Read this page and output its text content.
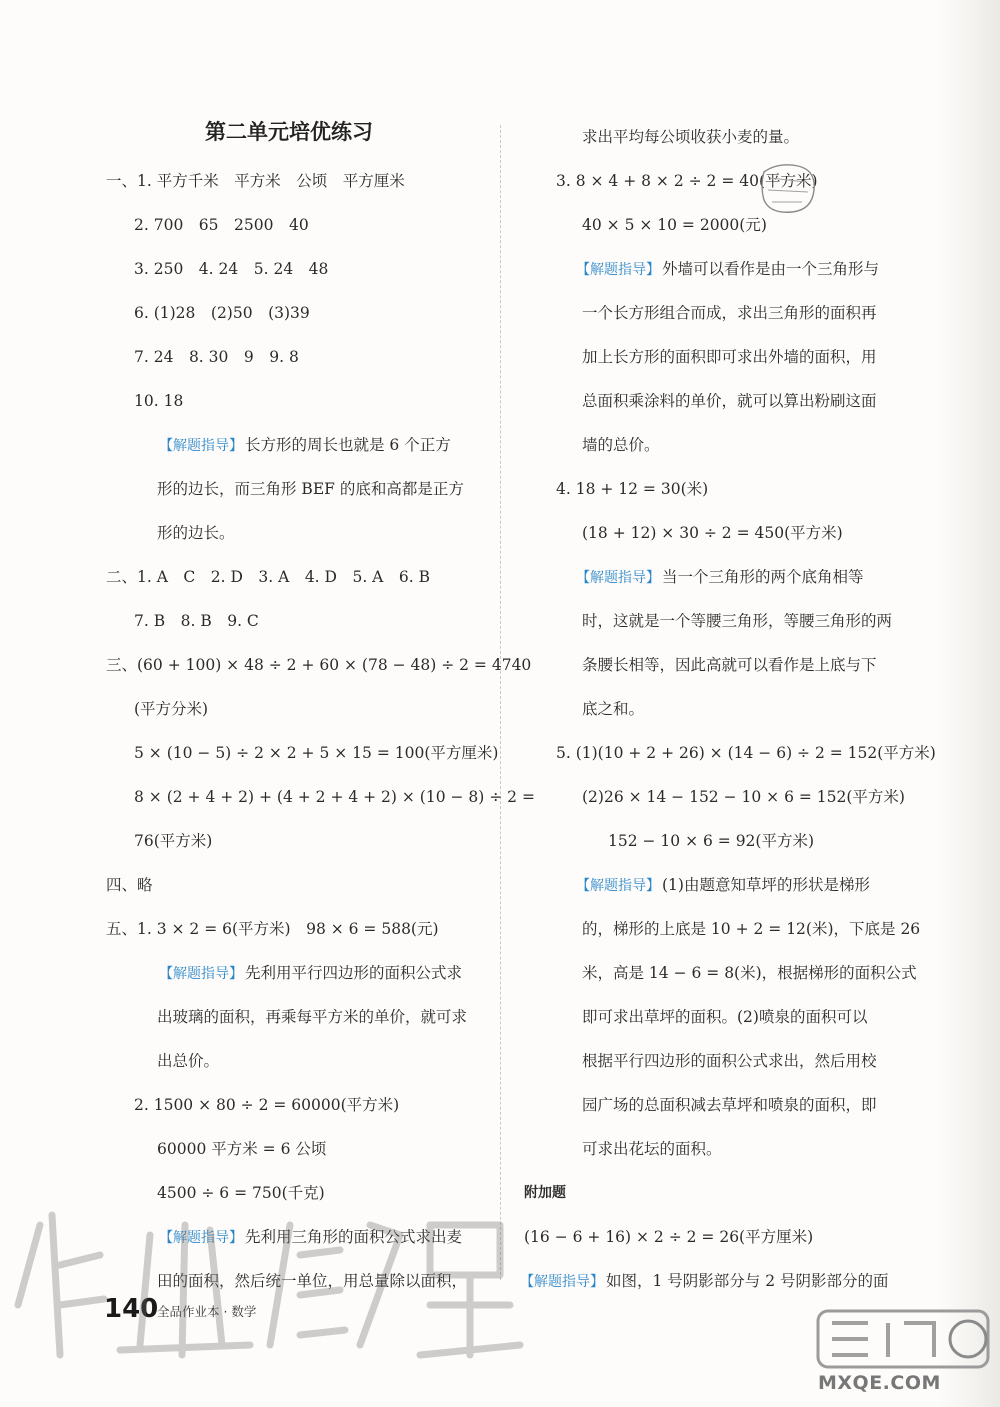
第二单元培优练习
一、1. 平方千米　平方米　公顷　平方厘米
2. 700　65　2500　40
3. 250　4. 24　5. 24　48
6. (1)28　(2)50　(3)39
7. 24　8. 30　9　9. 8
10. 18
【解题指导】 长方形的周长也就是 6 个正方
形的边长，而三角形 BEF 的底和高都是正方
形的边长。
二、1. A　C　2. D　3. A　4. D　5. A　6. B
7. B　8. B　9. C
三、(60 + 100) × 48 ÷ 2 + 60 × (78 − 48) ÷ 2 = 4740
(平方分米)
5 × (10 − 5) ÷ 2 × 2 + 5 × 15 = 100(平方厘米)
8 × (2 + 4 + 2) + (4 + 2 + 4 + 2) × (10 − 8) ÷ 2 =
76(平方米)
四、略
五、1. 3 × 2 = 6(平方米)　98 × 6 = 588(元)
【解题指导】 先利用平行四边形的面积公式求
出玻璃的面积，再乘每平方米的单价，就可求
出总价。
2. 1500 × 80 ÷ 2 = 60000(平方米)
60000 平方米 = 6 公顷
4500 ÷ 6 = 750(千克)
【解题指导】 先利用三角形的面积公式求出麦
田的面积，然后统一单位，用总量除以面积，
求出平均每公顷收获小麦的量。
3. 8 × 4 + 8 × 2 ÷ 2 = 40(平方米)
40 × 5 × 10 = 2000(元)
【解题指导】 外墙可以看作是由一个三角形与
一个长方形组合而成，求出三角形的面积再
加上长方形的面积即可求出外墙的面积，用
总面积乘涂料的单价，就可以算出粉刷这面
墙的总价。
4. 18 + 12 = 30(米)
(18 + 12) × 30 ÷ 2 = 450(平方米)
【解题指导】 当一个三角形的两个底角相等
时，这就是一个等腰三角形，等腰三角形的两
条腰长相等，因此高就可以看作是上底与下
底之和。
5. (1)(10 + 2 + 26) × (14 − 6) ÷ 2 = 152(平方米)
(2)26 × 14 − 152 − 10 × 6 = 152(平方米)
152 − 10 × 6 = 92(平方米)
【解题指导】 (1)由题意知草坪的形状是梯形
的，梯形的上底是 10 + 2 = 12(米)，下底是 26
米，高是 14 − 6 = 8(米)，根据梯形的面积公式
即可求出草坪的面积。(2)喷泉的面积可以
根据平行四边形的面积公式求出，然后用校
园广场的总面积减去草坪和喷泉的面积，即
可求出花坛的面积。
附加题
(16 − 6 + 16) × 2 ÷ 2 = 26(平方厘米)
【解题指导】 如图，1 号阴影部分与 2 号阴影部分的面
140
全品作业本 · 数学
MXQE.COM
